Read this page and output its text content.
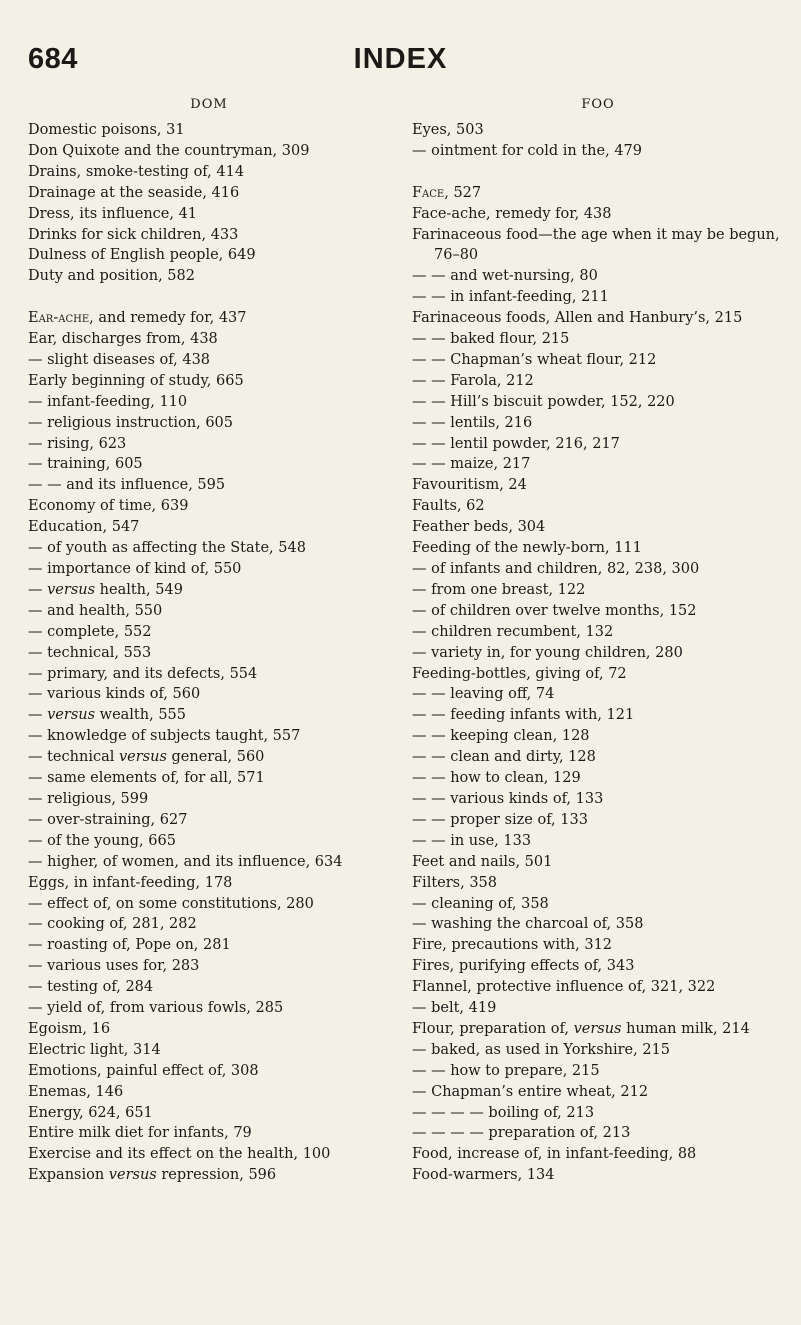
684	INDEX
DOM
Domestic poisons, 31
Don Quixote and the countryman, 309
Drains, smoke-testing of, 414
Drainage at the seaside, 416
Dress, its influence, 41
Drinks for sick children, 433
Dulness of English people, 649
Duty and position, 582
Ear-ache, and remedy for, 437
Ear, discharges from, 438
— slight diseases of, 438
Early beginning of study, 665
— infant-feeding, 110
— religious instruction, 605
— rising, 623
— training, 605
— — and its influence, 595
Economy of time, 639
Education, 547
— of youth as affecting the State, 548
— importance of kind of, 550
— versus health, 549
— and health, 550
— complete, 552
— technical, 553
— primary, and its defects, 554
— various kinds of, 560
— versus wealth, 555
— knowledge of subjects taught, 557
— technical versus general, 560
— same elements of, for all, 571
— religious, 599
— over-straining, 627
— of the young, 665
— higher, of women, and its influence, 634
Eggs, in infant-feeding, 178
— effect of, on some constitutions, 280
— cooking of, 281, 282
— roasting of, Pope on, 281
— various uses for, 283
— testing of, 284
— yield of, from various fowls, 285
Egoism, 16
Electric light, 314
Emotions, painful effect of, 308
Enemas, 146
Energy, 624, 651
Entire milk diet for infants, 79
Exercise and its effect on the health, 100
Expansion versus repression, 596
FOO
Eyes, 503
— ointment for cold in the, 479
Face, 527
Face-ache, remedy for, 438
Farinaceous food—the age when it may be begun, 76–80
— — and wet-nursing, 80
— — in infant-feeding, 211
Farinaceous foods, Allen and Hanbury’s, 215
— — baked flour, 215
— — Chapman’s wheat flour, 212
— — Farola, 212
— — Hill’s biscuit powder, 152, 220
— — lentils, 216
— — lentil powder, 216, 217
— — maize, 217
Favouritism, 24
Faults, 62
Feather beds, 304
Feeding of the newly-born, 111
— of infants and children, 82, 238, 300
— from one breast, 122
— of children over twelve months, 152
— children recumbent, 132
— variety in, for young children, 280
Feeding-bottles, giving of, 72
— — leaving off, 74
— — feeding infants with, 121
— — keeping clean, 128
— — clean and dirty, 128
— — how to clean, 129
— — various kinds of, 133
— — proper size of, 133
— — in use, 133
Feet and nails, 501
Filters, 358
— cleaning of, 358
— washing the charcoal of, 358
Fire, precautions with, 312
Fires, purifying effects of, 343
Flannel, protective influence of, 321, 322
— belt, 419
Flour, preparation of, versus human milk, 214
— baked, as used in Yorkshire, 215
— — how to prepare, 215
— Chapman’s entire wheat, 212
— — — — boiling of, 213
— — — — preparation of, 213
Food, increase of, in infant-feeding, 88
Food-warmers, 134
